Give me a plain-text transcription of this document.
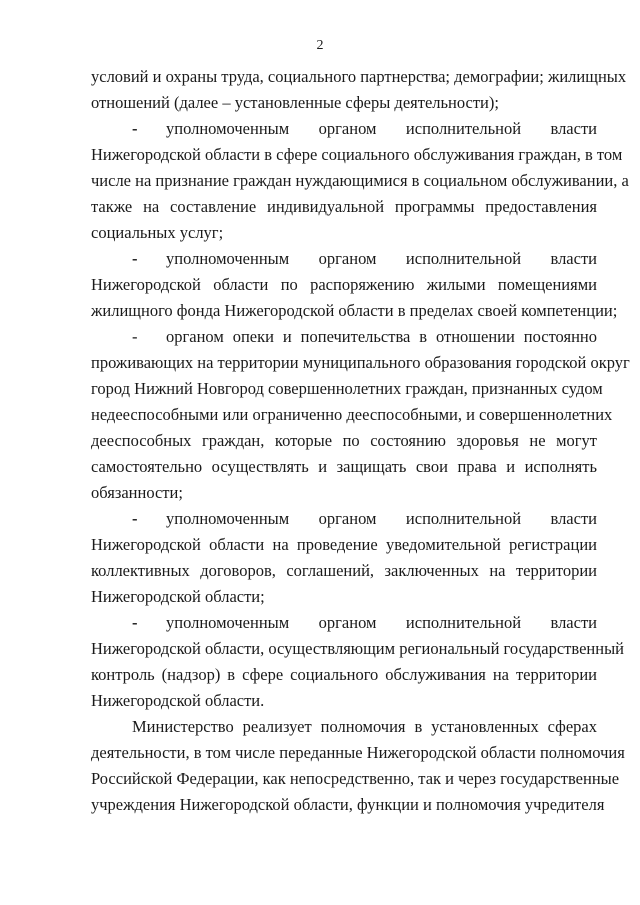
2
условий и охраны труда, социального партнерства; демографии; жилищных
отношений (далее – установленные сферы деятельности);
-	уполномоченным органом исполнительной власти
Нижегородской области в сфере социального обслуживания граждан, в том
числе на признание граждан нуждающимися в социальном обслуживании, а
также на составление индивидуальной программы предоставления
социальных услуг;
-	уполномоченным органом исполнительной власти
Нижегородской области по распоряжению жилыми помещениями
жилищного фонда Нижегородской области в пределах своей компетенции;
-	органом опеки и попечительства в отношении постоянно
проживающих на территории муниципального образования городской округ
город Нижний Новгород совершеннолетних граждан, признанных судом
недееспособными или ограниченно дееспособными, и совершеннолетних
дееспособных граждан, которые по состоянию здоровья не могут
самостоятельно осуществлять и защищать свои права и исполнять
обязанности;
-	уполномоченным органом исполнительной власти
Нижегородской области на проведение уведомительной регистрации
коллективных договоров, соглашений, заключенных на территории
Нижегородской области;
-	уполномоченным органом исполнительной власти
Нижегородской области, осуществляющим региональный государственный
контроль (надзор) в сфере социального обслуживания на территории
Нижегородской области.
Министерство реализует полномочия в установленных сферах
деятельности, в том числе переданные Нижегородской области полномочия
Российской Федерации, как непосредственно, так и через государственные
учреждения Нижегородской области, функции и полномочия учредителя
